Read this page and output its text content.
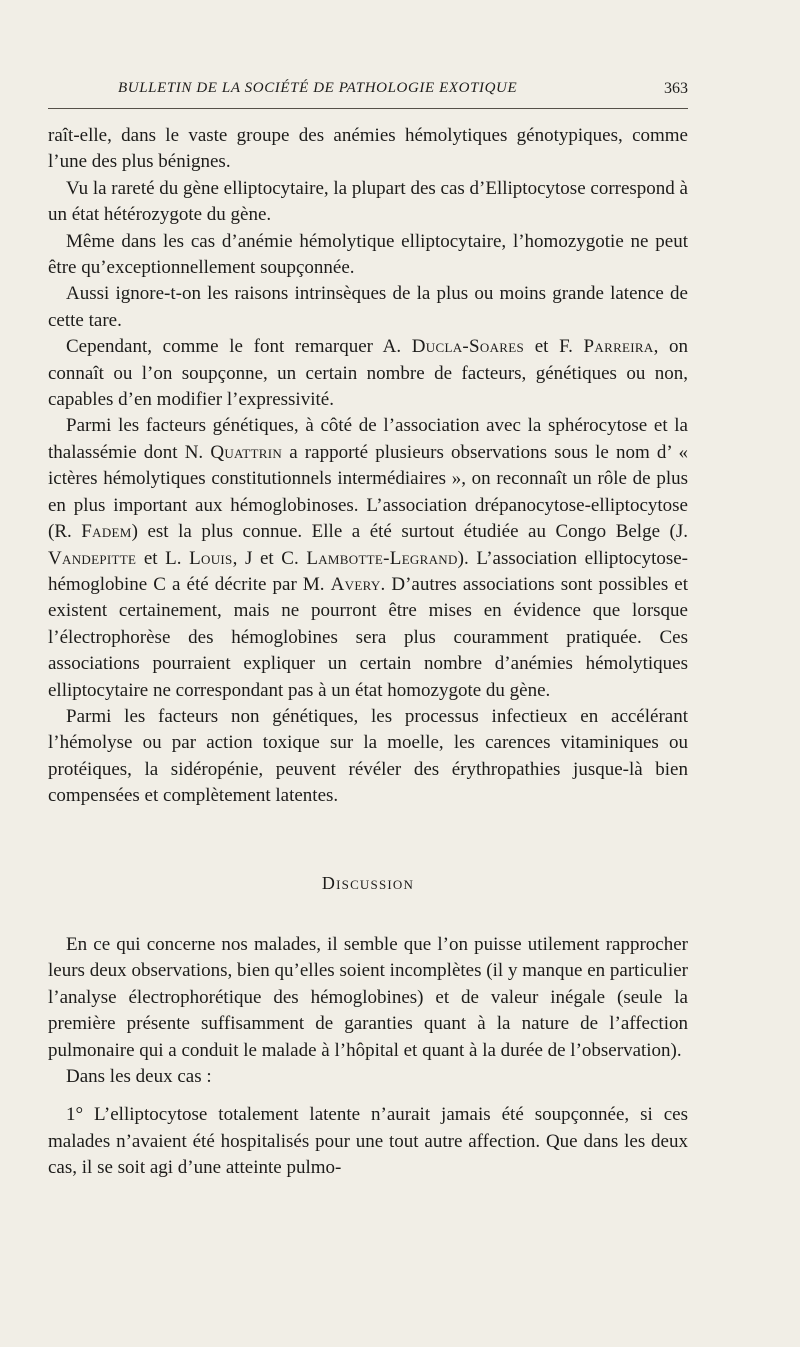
BULLETIN DE LA SOCIÉTÉ DE PATHOLOGIE EXOTIQUE	363

raît-elle, dans le vaste groupe des anémies hémolytiques génotypiques, comme l’une des plus bénignes.

Vu la rareté du gène elliptocytaire, la plupart des cas d’Elliptocytose correspond à un état hétérozygote du gène.

Même dans les cas d’anémie hémolytique elliptocytaire, l’homozygotie ne peut être qu’exceptionnellement soupçonnée.

Aussi ignore-t-on les raisons intrinsèques de la plus ou moins grande latence de cette tare.

Cependant, comme le font remarquer A. Ducla-Soares et F. Parreira, on connaît ou l’on soupçonne, un certain nombre de facteurs, génétiques ou non, capables d’en modifier l’expressivité.

Parmi les facteurs génétiques, à côté de l’association avec la sphérocytose et la thalassémie dont N. Quattrin a rapporté plusieurs observations sous le nom d’ « ictères hémolytiques constitutionnels intermédiaires », on reconnaît un rôle de plus en plus important aux hémoglobinoses. L’association drépanocytose-elliptocytose (R. Fadem) est la plus connue. Elle a été surtout étudiée au Congo Belge (J. Vandepitte et L. Louis, J et C. Lambotte-Legrand). L’association elliptocytose-hémoglobine C a été décrite par M. Avery. D’autres associations sont possibles et existent certainement, mais ne pourront être mises en évidence que lorsque l’électrophorèse des hémoglobines sera plus couramment pratiquée. Ces associations pourraient expliquer un certain nombre d’anémies hémolytiques elliptocytaire ne correspondant pas à un état homozygote du gène.

Parmi les facteurs non génétiques, les processus infectieux en accélérant l’hémolyse ou par action toxique sur la moelle, les carences vitaminiques ou protéiques, la sidéropénie, peuvent révéler des érythropathies jusque-là bien compensées et complètement latentes.

Discussion

En ce qui concerne nos malades, il semble que l’on puisse utilement rapprocher leurs deux observations, bien qu’elles soient incomplètes (il y manque en particulier l’analyse électrophorétique des hémoglobines) et de valeur inégale (seule la première présente suffisamment de garanties quant à la nature de l’affection pulmonaire qui a conduit le malade à l’hôpital et quant à la durée de l’observation).

Dans les deux cas :

1° L’elliptocytose totalement latente n’aurait jamais été soupçonnée, si ces malades n’avaient été hospitalisés pour une tout autre affection. Que dans les deux cas, il se soit agi d’une atteinte pulmo-
